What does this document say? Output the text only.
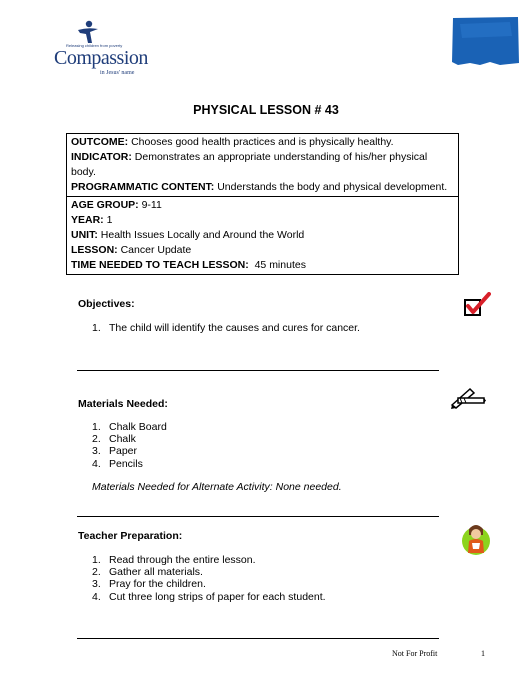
Releasing children from poverty
Compassion
in Jesus' name
PHYSICAL LESSON # 43
OUTCOME: Chooses good health practices and is physically healthy.
INDICATOR: Demonstrates an appropriate understanding of his/her physical body.
PROGRAMMATIC CONTENT: Understands the body and physical development.
AGE GROUP: 9-11
YEAR: 1
UNIT: Health Issues Locally and Around the World
LESSON: Cancer Update
TIME NEEDED TO TEACH LESSON: 45 minutes
Objectives:
1. The child will identify the causes and cures for cancer.
Materials Needed:
1. Chalk Board
2. Chalk
3. Paper
4. Pencils
Materials Needed for Alternate Activity: None needed.
Teacher Preparation:
1. Read through the entire lesson.
2. Gather all materials.
3. Pray for the children.
4. Cut three long strips of paper for each student.
Not For Profit	1
